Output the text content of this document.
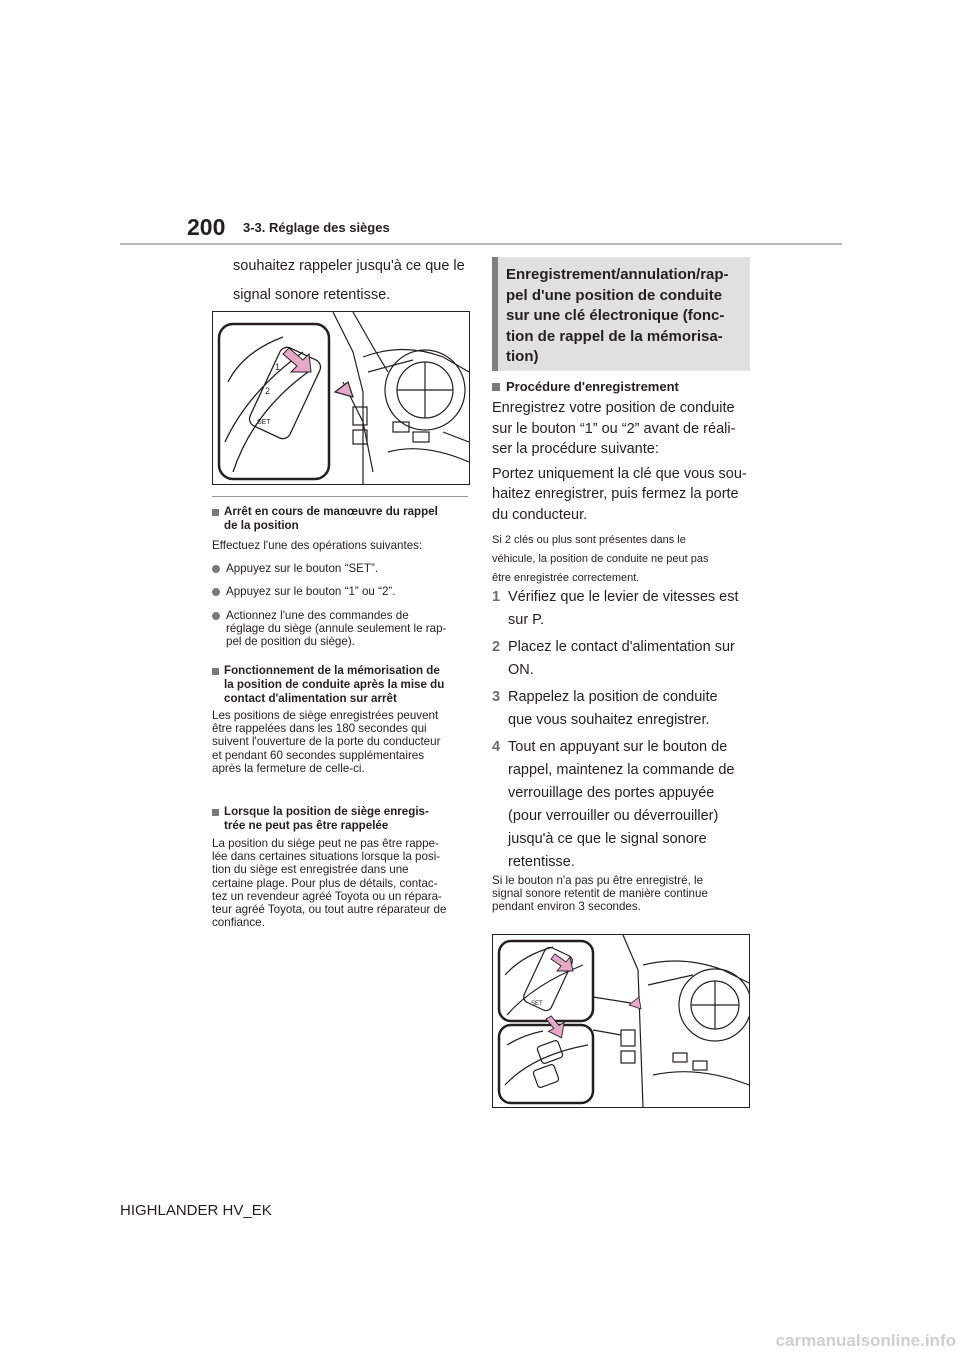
200 3-3. Réglage des sièges

souhaitez rappeler jusqu'à ce que le

signal sonore retentisse.

1
2
SET
Arrêt en cours de manœuvre du rappel
de la position

Effectuez l'une des opérations suivantes:

Appuyez sur le bouton “SET”.
Appuyez sur le bouton “1” ou “2”.
Actionnez l'une des commandes de
réglage du siège (annule seulement le rap-
pel de position du siège).
Fonctionnement de la mémorisation de
la position de conduite après la mise du
contact d'alimentation sur arrêt

Les positions de siège enregistrées peuvent

être rappelées dans les 180 secondes qui

suivent l'ouverture de la porte du conducteur

et pendant 60 secondes supplémentaires

après la fermeture de celle-ci.

Lorsque la position de siège enregis-
trée ne peut pas être rappelée

La position du siège peut ne pas être rappe-

lée dans certaines situations lorsque la posi-

tion du siège est enregistrée dans une

certaine plage. Pour plus de détails, contac-

tez un revendeur agréé Toyota ou un répara-

teur agréé Toyota, ou tout autre réparateur de

confiance.

Enregistrement/annulation/rap-
pel d'une position de conduite
sur une clé électronique (fonc-
tion de rappel de la mémorisa-
tion)
Procédure d'enregistrement
Enregistrez votre position de conduite
sur le bouton “1” ou “2” avant de réali-
ser la procédure suivante:
Portez uniquement la clé que vous sou-
haitez enregistrer, puis fermez la porte
du conducteur.

Si 2 clés ou plus sont présentes dans le

véhicule, la position de conduite ne peut pas

être enregistrée correctement.

1 Vérifiez que le levier de vitesses est
sur P.
2 Placez le contact d'alimentation sur
ON.
3 Rappelez la position de conduite
que vous souhaitez enregistrer.
4 Tout en appuyant sur le bouton de
rappel, maintenez la commande de
verrouillage des portes appuyée
(pour verrouiller ou déverrouiller)
jusqu'à ce que le signal sonore
retentisse.

Si le bouton n'a pas pu être enregistré, le

signal sonore retentit de manière continue

pendant environ 3 secondes.

SET
HIGHLANDER HV_EK
carmanualsonline.info
